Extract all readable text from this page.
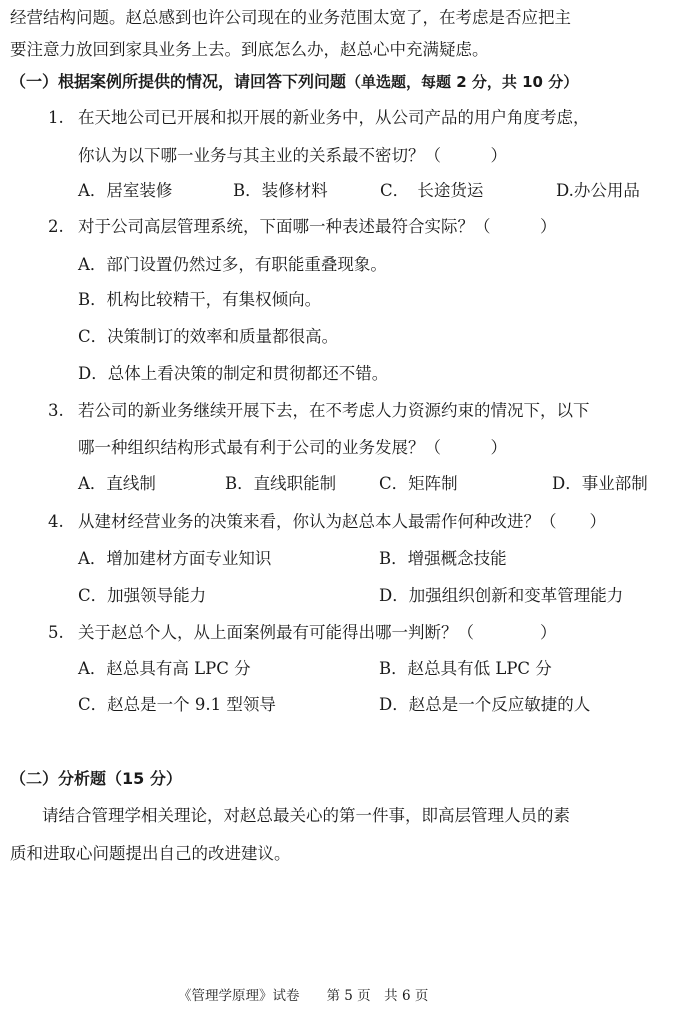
经营结构问题。赵总感到也许公司现在的业务范围太宽了，在考虑是否应把主
要注意力放回到家具业务上去。到底怎么办，赵总心中充满疑虑。
（一）根据案例所提供的情况，请回答下列问题（单选题，每题 2 分，共 10 分）
1. 在天地公司已开展和拟开展的新业务中，从公司产品的用户角度考虑，
你认为以下哪一业务与其主业的关系最不密切？（　　　）
A．居室装修	B．装修材料	C．　长途货运	D.办公用品
2. 对于公司高层管理系统，下面哪一种表述最符合实际？（　　　）
A．部门设置仍然过多，有职能重叠现象。
B．机构比较精干，有集权倾向。
C．决策制订的效率和质量都很高。
D．总体上看决策的制定和贯彻都还不错。
3. 若公司的新业务继续开展下去，在不考虑人力资源约束的情况下，以下
哪一种组织结构形式最有利于公司的业务发展？（　　　）
A．直线制	B．直线职能制	C．矩阵制	D．事业部制
4. 从建材经营业务的决策来看，你认为赵总本人最需作何种改进？（　　）
A．增加建材方面专业知识	B．增强概念技能
C．加强领导能力	D．加强组织创新和变革管理能力
5. 关于赵总个人，从上面案例最有可能得出哪一判断？（　　　　）
A．赵总具有高 LPC 分	B．赵总具有低 LPC 分
C．赵总是一个 9.1 型领导	D．赵总是一个反应敏捷的人
（二）分析题（15 分）
请结合管理学相关理论，对赵总最关心的第一件事，即高层管理人员的素
质和进取心问题提出自己的改进建议。
《管理学原理》试卷　　第 5 页　共 6 页
